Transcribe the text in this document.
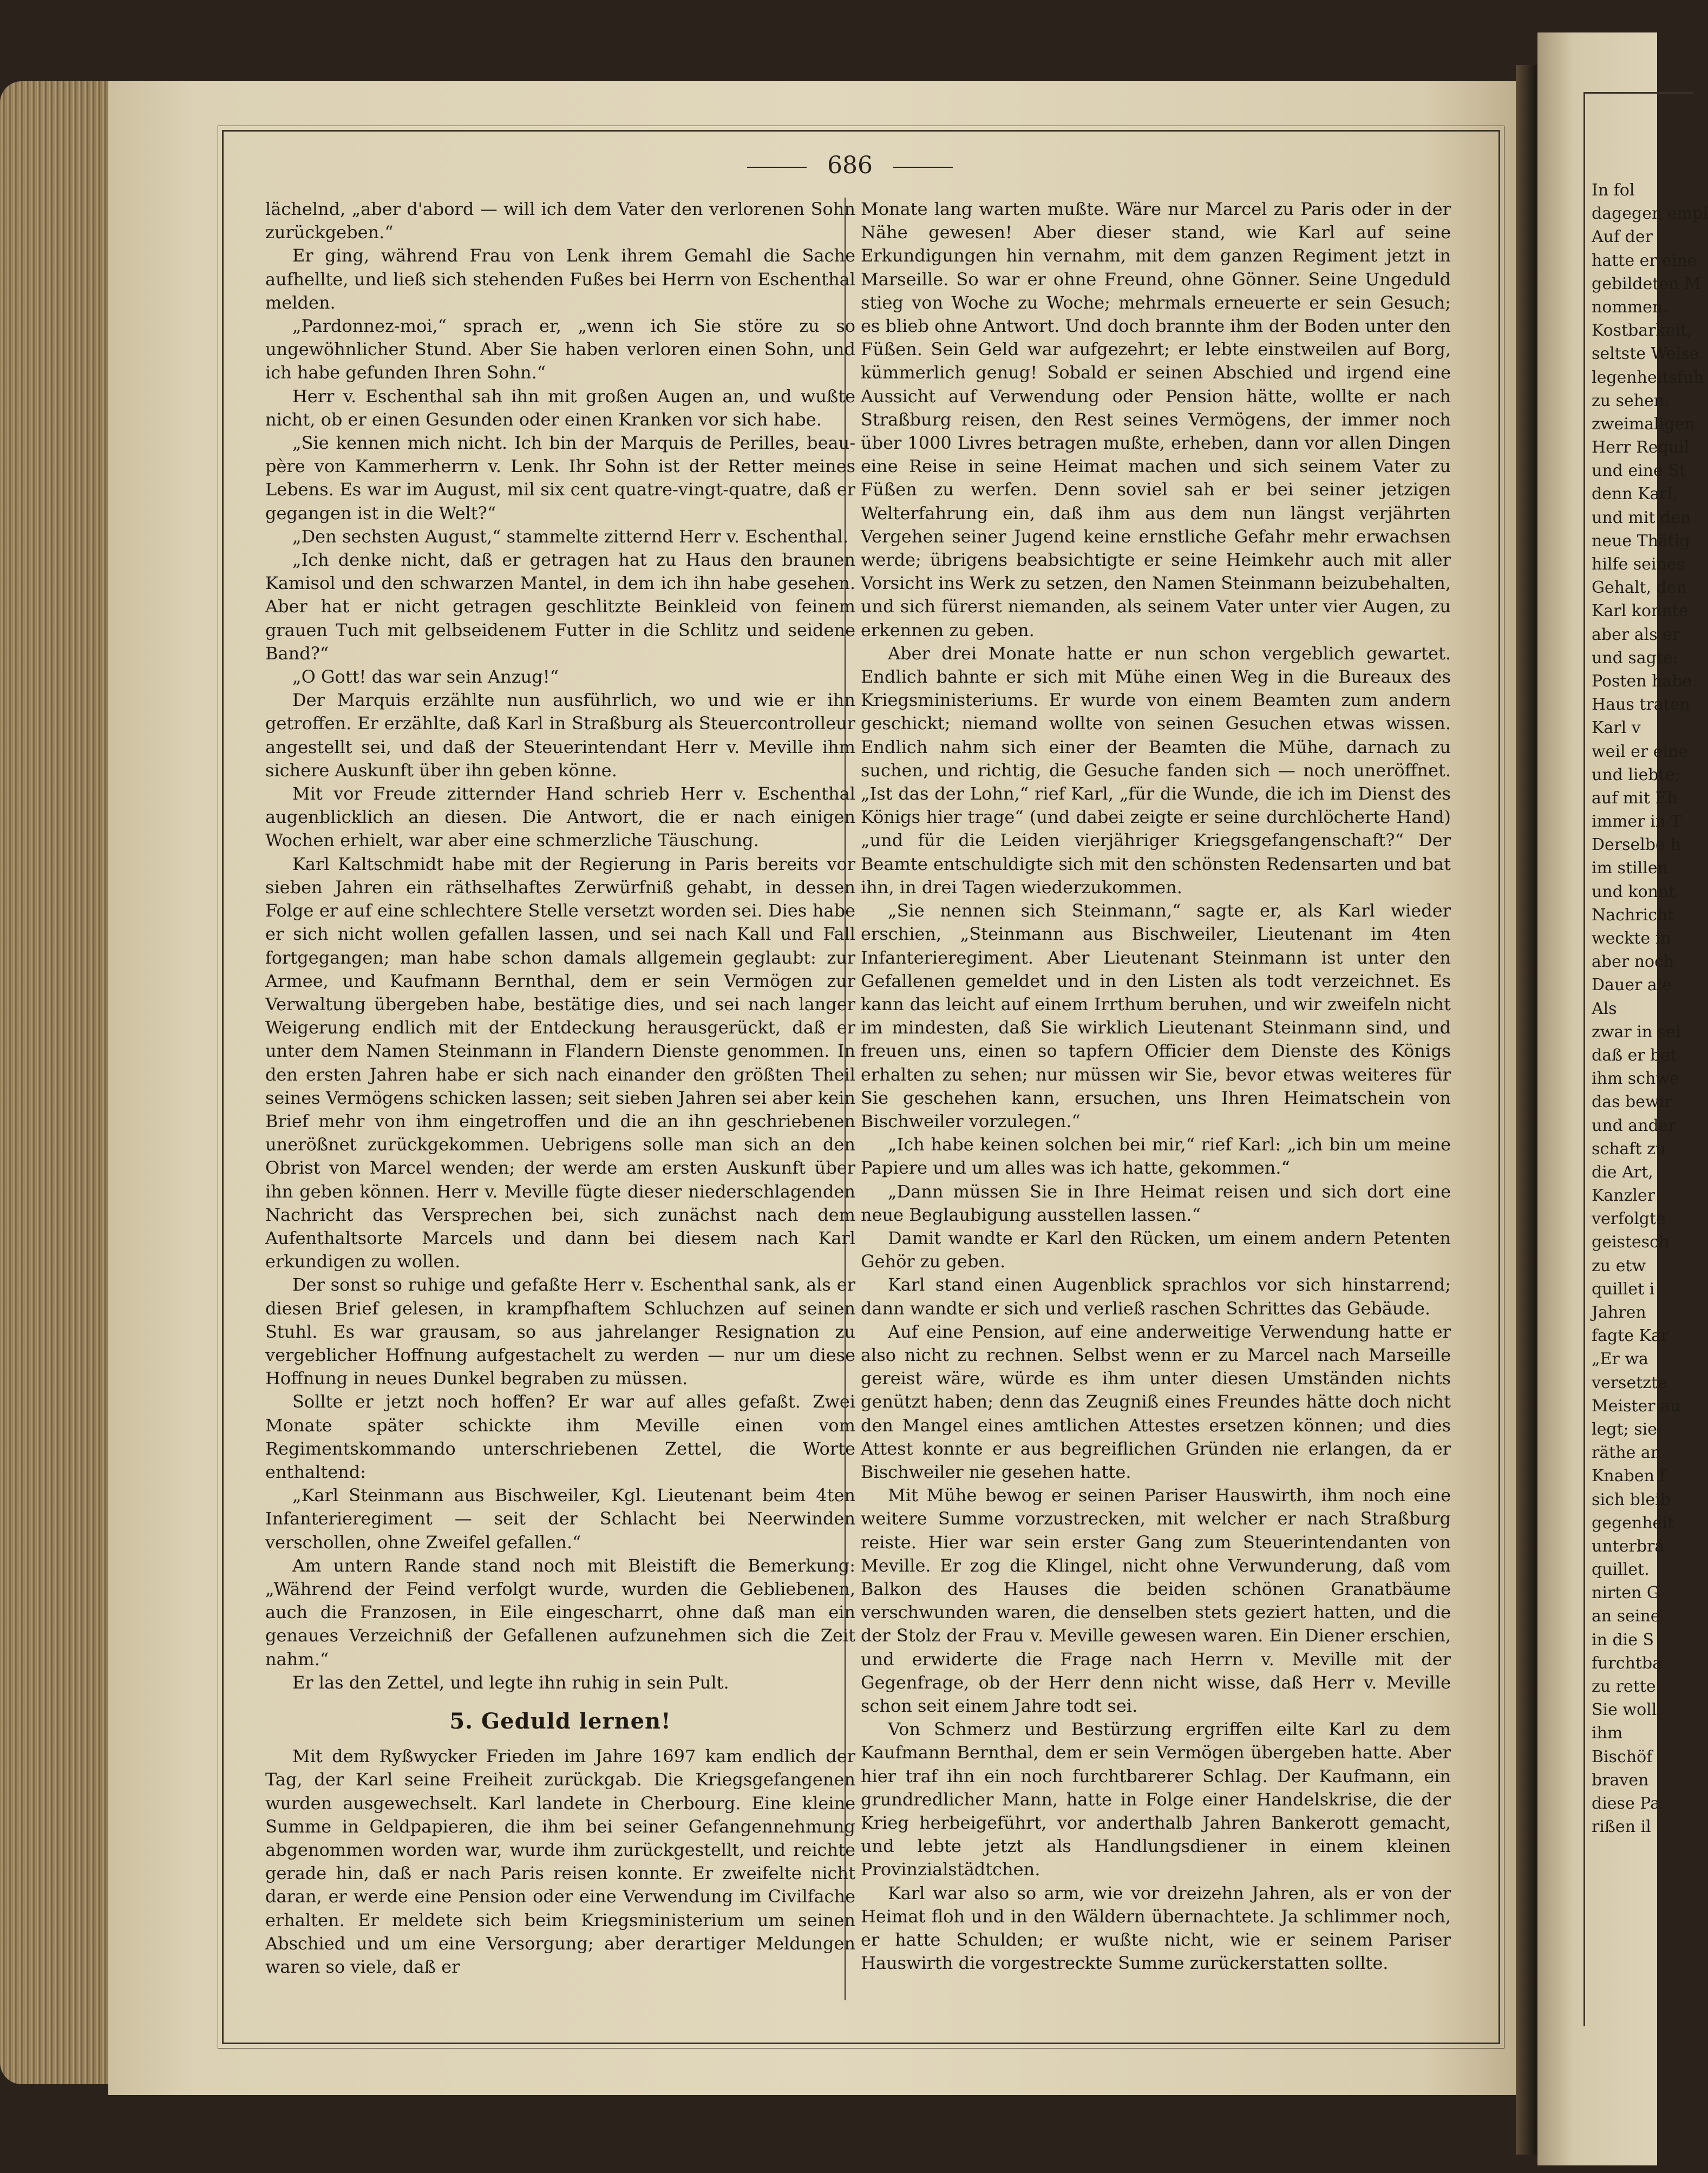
In fol
dagegen empi
Auf der
hatte er eine
gebildeten M
nommen.
Kostbarkeit,
seltste Weise
legenheitsfuh
zu sehen.
zweimaligen
Herr Requil
und eine St
denn Karl,
und mit den
neue Thätig
hilfe seines
Gehalt, den
Karl konnte
aber als er
und sagte:
Posten habe
Haus traten
Karl v
weil er eine
und liebte;
auf mit Eh
immer in T
Derselbe h
im stillen
und konnt
Nachricht
weckte in
aber noch
Dauer ale
Als
zwar in sei
daß er bet
ihm schwe
das bewir
und ander
schaft zu
die Art,
Kanzler
verfolgte
geistesch
zu etw
quillet i
Jahren
fagte Kar
„Er wa
versetzte
Meister au
legt; sie
räthe an
Knaben f
sich bleib
gegenheit
unterbra
quillet.
nirten G
an seine
in die S
furchtba
zu rette
Sie woll
ihm
Bischöf
braven
diese Pa
rißen il
686

lächelnd, „aber d'abord — will ich dem Vater den verlorenen Sohn zurückgeben.“

Er ging, während Frau von Lenk ihrem Gemahl die Sache aufhellte, und ließ sich stehenden Fußes bei Herrn von Eschenthal melden.

„Pardonnez-moi,“ sprach er, „wenn ich Sie störe zu so ungewöhnlicher Stund. Aber Sie haben verloren einen Sohn, und ich habe gefunden Ihren Sohn.“

Herr v. Eschenthal sah ihn mit großen Augen an, und wußte nicht, ob er einen Gesunden oder einen Kranken vor sich habe.

„Sie kennen mich nicht. Ich bin der Marquis de Perilles, beau-père von Kammerherrn v. Lenk. Ihr Sohn ist der Retter meines Lebens. Es war im August, mil six cent quatre-vingt-quatre, daß er gegangen ist in die Welt?“

„Den sechsten August,“ stammelte zitternd Herr v. Eschenthal.

„Ich denke nicht, daß er getragen hat zu Haus den braunen Kamisol und den schwarzen Mantel, in dem ich ihn habe gesehen. Aber hat er nicht getragen geschlitzte Beinkleid von feinem grauen Tuch mit gelbseidenem Futter in die Schlitz und seidene Band?“

„O Gott! das war sein Anzug!“

Der Marquis erzählte nun ausführlich, wo und wie er ihn getroffen. Er erzählte, daß Karl in Straßburg als Steuercontrolleur angestellt sei, und daß der Steuerintendant Herr v. Meville ihm sichere Auskunft über ihn geben könne.

Mit vor Freude zitternder Hand schrieb Herr v. Eschenthal augenblicklich an diesen. Die Antwort, die er nach einigen Wochen erhielt, war aber eine schmerzliche Täuschung.

Karl Kaltschmidt habe mit der Regierung in Paris bereits vor sieben Jahren ein räthselhaftes Zerwürfniß gehabt, in dessen Folge er auf eine schlechtere Stelle versetzt worden sei. Dies habe er sich nicht wollen gefallen lassen, und sei nach Kall und Fall fortgegangen; man habe schon damals allgemein geglaubt: zur Armee, und Kaufmann Bernthal, dem er sein Vermögen zur Verwaltung übergeben habe, bestätige dies, und sei nach langer Weigerung endlich mit der Entdeckung herausgerückt, daß er unter dem Namen Steinmann in Flandern Dienste genommen. In den ersten Jahren habe er sich nach einander den größten Theil seines Vermögens schicken lassen; seit sieben Jahren sei aber kein Brief mehr von ihm eingetroffen und die an ihn geschriebenen unerößnet zurückgekommen. Uebrigens solle man sich an den Obrist von Marcel wenden; der werde am ersten Auskunft über ihn geben können. Herr v. Meville fügte dieser niederschlagenden Nachricht das Versprechen bei, sich zunächst nach dem Aufenthaltsorte Marcels und dann bei diesem nach Karl erkundigen zu wollen.

Der sonst so ruhige und gefaßte Herr v. Eschenthal sank, als er diesen Brief gelesen, in krampfhaftem Schluchzen auf seinen Stuhl. Es war grausam, so aus jahrelanger Resignation zu vergeblicher Hoffnung aufgestachelt zu werden — nur um diese Hoffnung in neues Dunkel begraben zu müssen.

Sollte er jetzt noch hoffen? Er war auf alles gefaßt. Zwei Monate später schickte ihm Meville einen vom Regimentskommando unterschriebenen Zettel, die Worte enthaltend:

„Karl Steinmann aus Bischweiler, Kgl. Lieutenant beim 4ten Infanterieregiment — seit der Schlacht bei Neerwinden verschollen, ohne Zweifel gefallen.“

Am untern Rande stand noch mit Bleistift die Bemerkung: „Während der Feind verfolgt wurde, wurden die Gebliebenen, auch die Franzosen, in Eile eingescharrt, ohne daß man ein genaues Verzeichniß der Gefallenen aufzunehmen sich die Zeit nahm.“

Er las den Zettel, und legte ihn ruhig in sein Pult.

5. Geduld lernen!

Mit dem Ryßwycker Frieden im Jahre 1697 kam endlich der Tag, der Karl seine Freiheit zurückgab. Die Kriegsgefangenen wurden ausgewechselt. Karl landete in Cherbourg. Eine kleine Summe in Geldpapieren, die ihm bei seiner Gefangennehmung abgenommen worden war, wurde ihm zurückgestellt, und reichte gerade hin, daß er nach Paris reisen konnte. Er zweifelte nicht daran, er werde eine Pension oder eine Verwendung im Civilfache erhalten. Er meldete sich beim Kriegsministerium um seinen Abschied und um eine Versorgung; aber derartiger Meldungen waren so viele, daß er

Monate lang warten mußte. Wäre nur Marcel zu Paris oder in der Nähe gewesen! Aber dieser stand, wie Karl auf seine Erkundigungen hin vernahm, mit dem ganzen Regiment jetzt in Marseille. So war er ohne Freund, ohne Gönner. Seine Ungeduld stieg von Woche zu Woche; mehrmals erneuerte er sein Gesuch; es blieb ohne Antwort. Und doch brannte ihm der Boden unter den Füßen. Sein Geld war aufgezehrt; er lebte einstweilen auf Borg, kümmerlich genug! Sobald er seinen Abschied und irgend eine Aussicht auf Verwendung oder Pension hätte, wollte er nach Straßburg reisen, den Rest seines Vermögens, der immer noch über 1000 Livres betragen mußte, erheben, dann vor allen Dingen eine Reise in seine Heimat machen und sich seinem Vater zu Füßen zu werfen. Denn soviel sah er bei seiner jetzigen Welterfahrung ein, daß ihm aus dem nun längst verjährten Vergehen seiner Jugend keine ernstliche Gefahr mehr erwachsen werde; übrigens beabsichtigte er seine Heimkehr auch mit aller Vorsicht ins Werk zu setzen, den Namen Steinmann beizubehalten, und sich fürerst niemanden, als seinem Vater unter vier Augen, zu erkennen zu geben.

Aber drei Monate hatte er nun schon vergeblich gewartet. Endlich bahnte er sich mit Mühe einen Weg in die Bureaux des Kriegsministeriums. Er wurde von einem Beamten zum andern geschickt; niemand wollte von seinen Gesuchen etwas wissen. Endlich nahm sich einer der Beamten die Mühe, darnach zu suchen, und richtig, die Gesuche fanden sich — noch uneröffnet. „Ist das der Lohn,“ rief Karl, „für die Wunde, die ich im Dienst des Königs hier trage“ (und dabei zeigte er seine durchlöcherte Hand) „und für die Leiden vierjähriger Kriegsgefangenschaft?“ Der Beamte entschuldigte sich mit den schönsten Redensarten und bat ihn, in drei Tagen wiederzukommen.

„Sie nennen sich Steinmann,“ sagte er, als Karl wieder erschien, „Steinmann aus Bischweiler, Lieutenant im 4ten Infanterieregiment. Aber Lieutenant Steinmann ist unter den Gefallenen gemeldet und in den Listen als todt verzeichnet. Es kann das leicht auf einem Irrthum beruhen, und wir zweifeln nicht im mindesten, daß Sie wirklich Lieutenant Steinmann sind, und freuen uns, einen so tapfern Officier dem Dienste des Königs erhalten zu sehen; nur müssen wir Sie, bevor etwas weiteres für Sie geschehen kann, ersuchen, uns Ihren Heimatschein von Bischweiler vorzulegen.“

„Ich habe keinen solchen bei mir,“ rief Karl: „ich bin um meine Papiere und um alles was ich hatte, gekommen.“

„Dann müssen Sie in Ihre Heimat reisen und sich dort eine neue Beglaubigung ausstellen lassen.“

Damit wandte er Karl den Rücken, um einem andern Petenten Gehör zu geben.

Karl stand einen Augenblick sprachlos vor sich hinstarrend; dann wandte er sich und verließ raschen Schrittes das Gebäude.

Auf eine Pension, auf eine anderweitige Verwendung hatte er also nicht zu rechnen. Selbst wenn er zu Marcel nach Marseille gereist wäre, würde es ihm unter diesen Umständen nichts genützt haben; denn das Zeugniß eines Freundes hätte doch nicht den Mangel eines amtlichen Attestes ersetzen können; und dies Attest konnte er aus begreiflichen Gründen nie erlangen, da er Bischweiler nie gesehen hatte.

Mit Mühe bewog er seinen Pariser Hauswirth, ihm noch eine weitere Summe vorzustrecken, mit welcher er nach Straßburg reiste. Hier war sein erster Gang zum Steuerintendanten von Meville. Er zog die Klingel, nicht ohne Verwunderung, daß vom Balkon des Hauses die beiden schönen Granatbäume verschwunden waren, die denselben stets geziert hatten, und die der Stolz der Frau v. Meville gewesen waren. Ein Diener erschien, und erwiderte die Frage nach Herrn v. Meville mit der Gegenfrage, ob der Herr denn nicht wisse, daß Herr v. Meville schon seit einem Jahre todt sei.

Von Schmerz und Bestürzung ergriffen eilte Karl zu dem Kaufmann Bernthal, dem er sein Vermögen übergeben hatte. Aber hier traf ihn ein noch furchtbarerer Schlag. Der Kaufmann, ein grundredlicher Mann, hatte in Folge einer Handelskrise, die der Krieg herbeigeführt, vor anderthalb Jahren Bankerott gemacht, und lebte jetzt als Handlungsdiener in einem kleinen Provinzialstädtchen.

Karl war also so arm, wie vor dreizehn Jahren, als er von der Heimat floh und in den Wäldern übernachtete. Ja schlimmer noch, er hatte Schulden; er wußte nicht, wie er seinem Pariser Hauswirth die vorgestreckte Summe zurückerstatten sollte.
